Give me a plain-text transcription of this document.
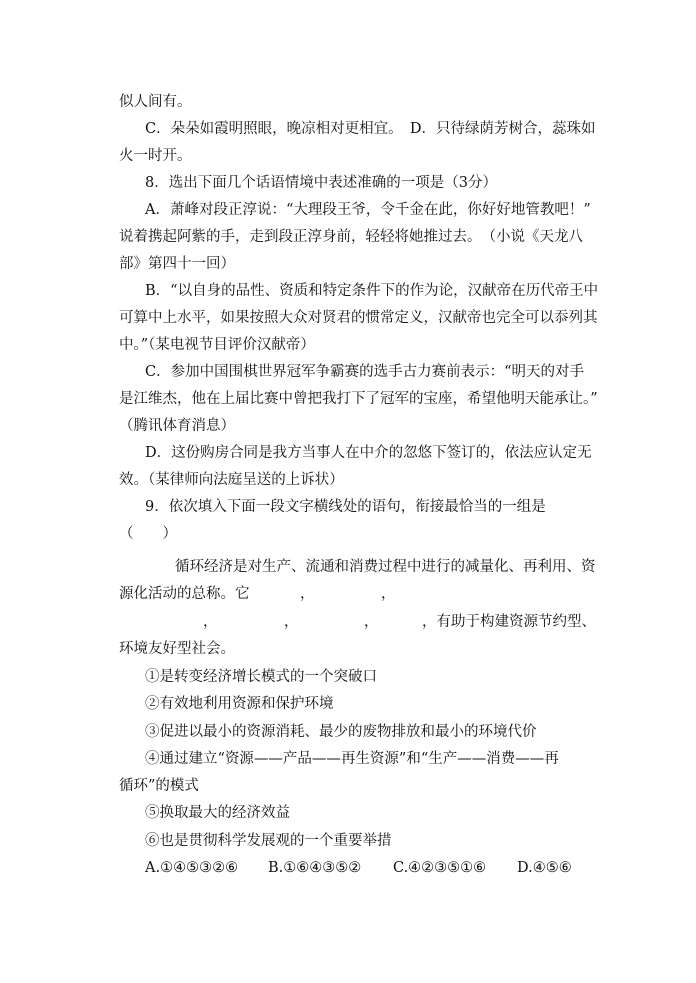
似人间有。
C．朵朵如霞明照眼，晚凉相对更相宜。　D．只待绿荫芳树合，蕊珠如
火一时开。
8．选出下面几个话语情境中表述准确的一项是（3分）
A．萧峰对段正淳说：“大理段王爷，令千金在此，你好好地管教吧！”
说着携起阿紫的手，走到段正淳身前，轻轻将她推过去。　（小说《天龙八
部》第四十一回）
B．“以自身的品性、资质和特定条件下的作为论，汉献帝在历代帝王中
可算中上水平，如果按照大众对贤君的惯常定义，汉献帝也完全可以忝列其
中。”（某电视节目评价汉献帝）
C．参加中国围棋世界冠军争霸赛的选手古力赛前表示：“明天的对手
是江维杰，他在上届比赛中曾把我打下了冠军的宝座，希望他明天能承让。”
（腾讯体育消息）
D．这份购房合同是我方当事人在中介的忽悠下签订的，依法应认定无
效。（某律师向法庭呈送的上诉状）
9．依次填入下面一段文字横线处的语句，衔接最恰当的一组是
（　　）
循环经济是对生产、流通和消费过程中进行的减量化、再利用、资
源化活动的总称。它	，	，
，	，	，	，有助于构建资源节约型、
环境友好型社会。
①是转变经济增长模式的一个突破口
②有效地利用资源和保护环境
③促进以最小的资源消耗、最少的废物排放和最小的环境代价
④通过建立“资源——产品——再生资源”和“生产——消费——再
循环”的模式
⑤换取最大的经济效益
⑥也是贯彻科学发展观的一个重要举措
A.①④⑤③②⑥ B.①⑥④③⑤② C.④②③⑤①⑥ D.④⑤⑥
